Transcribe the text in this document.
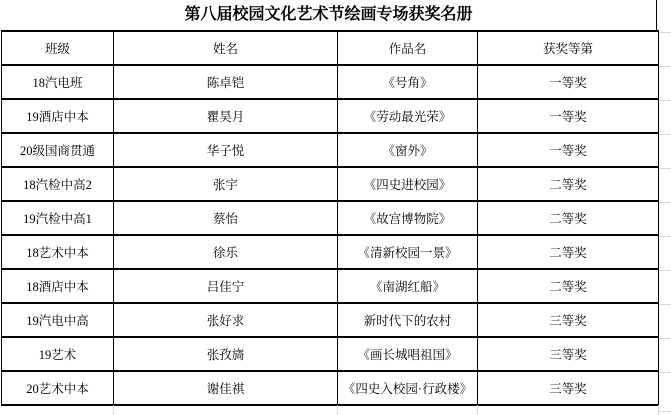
第八届校园文化艺术节绘画专场获奖名册
班级	姓名	作品名	获奖等第
18汽电班	陈卓铠	《号角》	一等奖
19酒店中本	瞿昊月	《劳动最光荣》	一等奖
20级国商贯通	华子悦	《窗外》	一等奖
18汽检中高2	张宇	《四史进校园》	二等奖
19汽检中高1	蔡怡	《故宫博物院》	二等奖
18艺术中本	徐乐	《清新校园一景》	二等奖
18酒店中本	吕佳宁	《南湖红船》	二等奖
19汽电中高	张好求	新时代下的农村	三等奖
19艺术	张孜旖	《画长城唱祖国》	三等奖
20艺术中本	谢佳祺	《四史入校园·行政楼》	三等奖
